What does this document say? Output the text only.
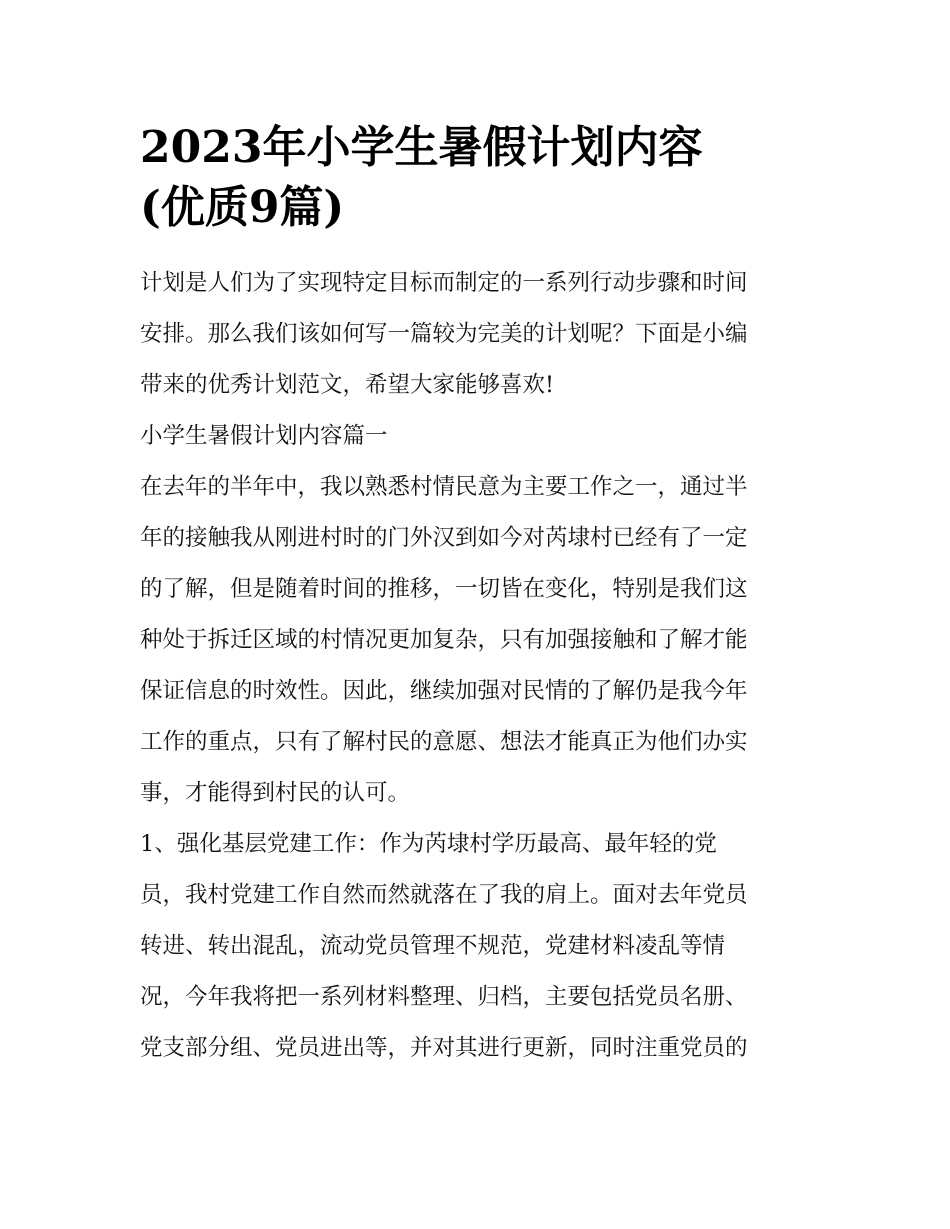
2023年小学生暑假计划内容
(优质9篇)

计划是人们为了实现特定目标而制定的一系列行动步骤和时间
安排。那么我们该如何写一篇较为完美的计划呢？下面是小编
带来的优秀计划范文，希望大家能够喜欢!

小学生暑假计划内容篇一

在去年的半年中，我以熟悉村情民意为主要工作之一，通过半
年的接触我从刚进村时的门外汉到如今对芮埭村已经有了一定
的了解，但是随着时间的推移，一切皆在变化，特别是我们这
种处于拆迁区域的村情况更加复杂，只有加强接触和了解才能
保证信息的时效性。因此，继续加强对民情的了解仍是我今年
工作的重点，只有了解村民的意愿、想法才能真正为他们办实
事，才能得到村民的认可。

1、强化基层党建工作：作为芮埭村学历最高、最年轻的党
员，我村党建工作自然而然就落在了我的肩上。面对去年党员
转进、转出混乱，流动党员管理不规范，党建材料凌乱等情
况，今年我将把一系列材料整理、归档，主要包括党员名册、
党支部分组、党员进出等，并对其进行更新，同时注重党员的
